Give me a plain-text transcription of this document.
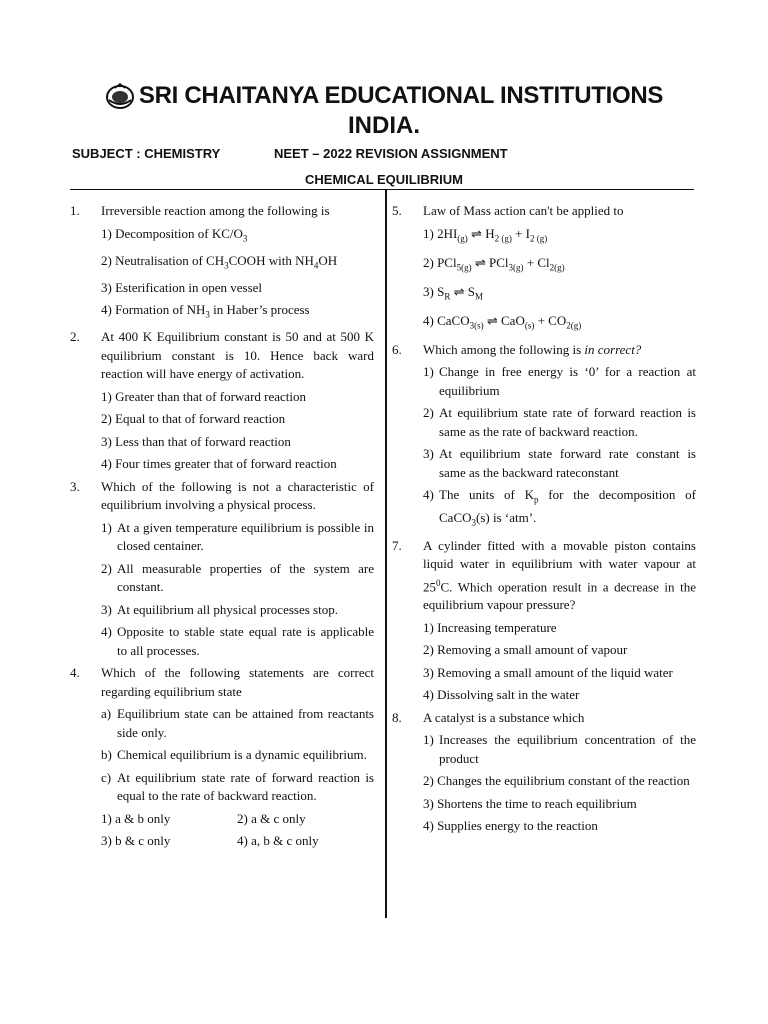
SRI CHAITANYA EDUCATIONAL INSTITUTIONS
INDIA.
SUBJECT : CHEMISTRY	NEET – 2022 REVISION ASSIGNMENT
CHEMICAL EQUILIBRIUM
1.	Irreversible reaction among the following is
1) Decomposition of $KC/O_3$
2) Neutralisation of $CH_3COOH$ with $NH_4OH$
3) Esterification in open vessel
4) Formation of $NH_3$ in Haber’s process
2.	At 400 K Equilibrium constant is 50 and at 500 K equilibrium constant is 10. Hence back ward reaction will have energy of activation.
1) Greater than that of forward reaction
2) Equal to that of forward reaction
3) Less than that of forward reaction
4) Four times greater that of forward reaction
3.	Which of the following is not a characteristic of equilibrium involving a physical process.
1) At a given temperature equilibrium is possible in closed centainer.
2) All measurable properties of the system are constant.
3) At equilibrium all physical processes stop.
4) Opposite to stable state equal rate is applicable to all processes.
4.	Which of the following statements are correct regarding equilibrium state
a) Equilibrium state can be attained from reactants side only.
b) Chemical equilibrium is a dynamic equilibrium.
c) At equilibrium state rate of forward reaction is equal to the rate of backward reaction.
1) a & b only	2) a & c only
3) b & c only	4) a, b & c only
5.	Law of Mass action can't be applied to
1) $2HI_{(g)}$ ⇌ $H_{2 (g)} + I_{2 (g)}$
2) PCl$_{5(g)}$ ⇌ $PCl_{3(g)} + Cl_{2(g)}$
3) $S_R$ ⇌ $S_M$
4) CaCO$_{3(s)}$ ⇌ $CaO_{(s)} + CO_{2(g)}$
6.	Which among the following is in correct?
1) Change in free energy is ‘0’ for a reaction at equilibrium
2) At equilibrium state rate of forward reaction is same as the rate of backward reaction.
3) At equilibrium state forward rate constant is same as the backward rateconstant
4) The units of $K_p$ for the decomposition of CaCO$_3$(s) is ‘atm’.
7.	A cylinder fitted with a movable piston contains liquid water in equilibrium with water vapour at $25^0C$. Which operation result in a decrease in the equilibrium vapour pressure?
1) Increasing temperature
2) Removing a small amount of vapour
3) Removing a small amount of the liquid water
4) Dissolving salt in the water
8.	A catalyst is a substance which
1) Increases the equilibrium concentration of the product
2) Changes the equilibrium constant of the reaction
3) Shortens the time to reach equilibrium
4) Supplies energy to the reaction
